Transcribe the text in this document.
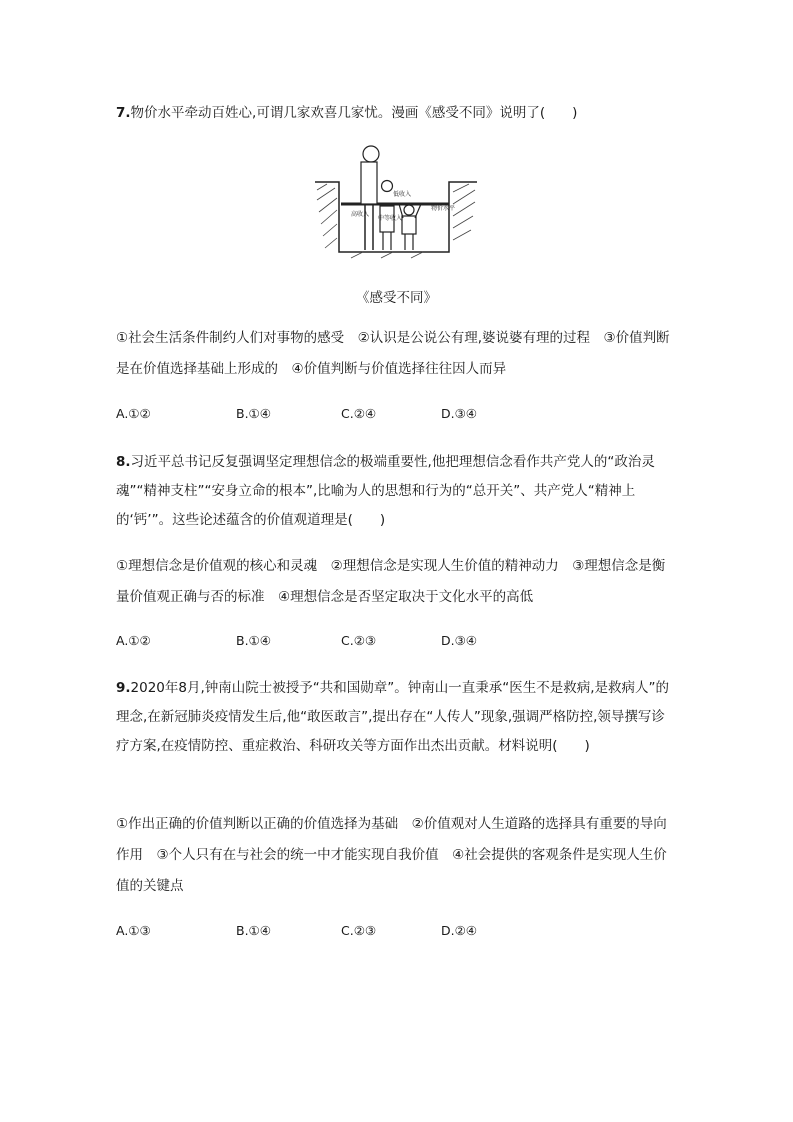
7.物价水平牵动百姓心,可谓几家欢喜几家忧。漫画《感受不同》说明了(　　)
高收入
中等收入
低收入
物价水平
《感受不同》
①社会生活条件制约人们对事物的感受　②认识是公说公有理,婆说婆有理的过程　③价值判断是在价值选择基础上形成的　④价值判断与价值选择往往因人而异
A.①②	B.①④	C.②④	D.③④
8.习近平总书记反复强调坚定理想信念的极端重要性,他把理想信念看作共产党人的“政治灵魂”“精神支柱”“安身立命的根本”,比喻为人的思想和行为的“总开关”、共产党人“精神上的‘钙’”。这些论述蕴含的价值观道理是(　　)
①理想信念是价值观的核心和灵魂　②理想信念是实现人生价值的精神动力　③理想信念是衡量价值观正确与否的标准　④理想信念是否坚定取决于文化水平的高低
A.①②	B.①④	C.②③	D.③④
9.2020年8月,钟南山院士被授予“共和国勋章”。钟南山一直秉承“医生不是救病,是救病人”的理念,在新冠肺炎疫情发生后,他“敢医敢言”,提出存在“人传人”现象,强调严格防控,领导撰写诊疗方案,在疫情防控、重症救治、科研攻关等方面作出杰出贡献。材料说明(　　)
①作出正确的价值判断以正确的价值选择为基础　②价值观对人生道路的选择具有重要的导向作用　③个人只有在与社会的统一中才能实现自我价值　④社会提供的客观条件是实现人生价值的关键点
A.①③	B.①④	C.②③	D.②④
